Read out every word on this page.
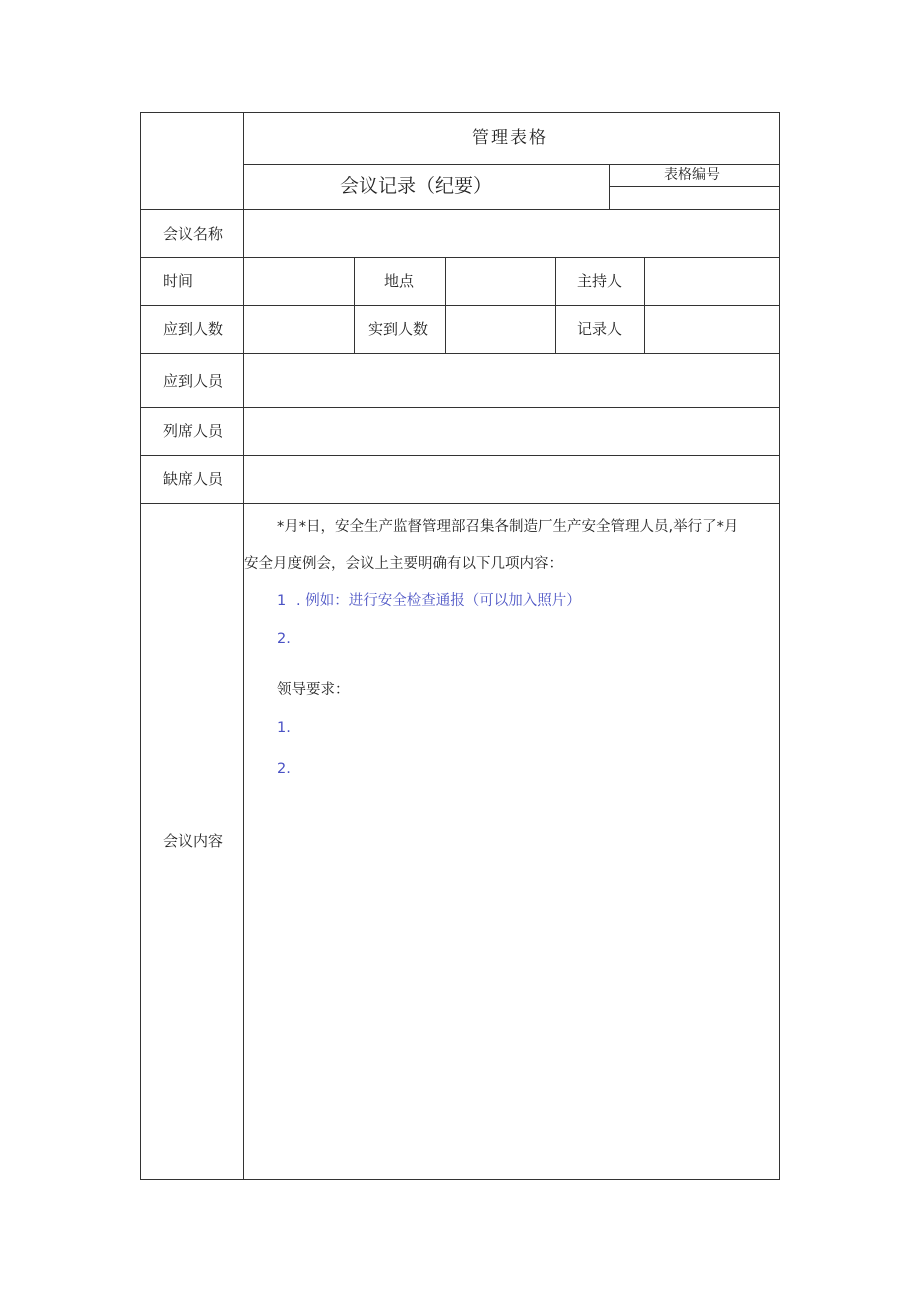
管理表格
会议记录（纪要）	表格编号
会议名称
时间	地点	主持人
应到人数	实到人数	记录人
应到人员
列席人员
缺席人员
会议内容
*月*日，安全生产监督管理部召集各制造厂生产安全管理人员,举行了*月
安全月度例会，会议上主要明确有以下几项内容：
1 . 例如：进行安全检查通报（可以加入照片）
2.
领导要求：
1.
2.
